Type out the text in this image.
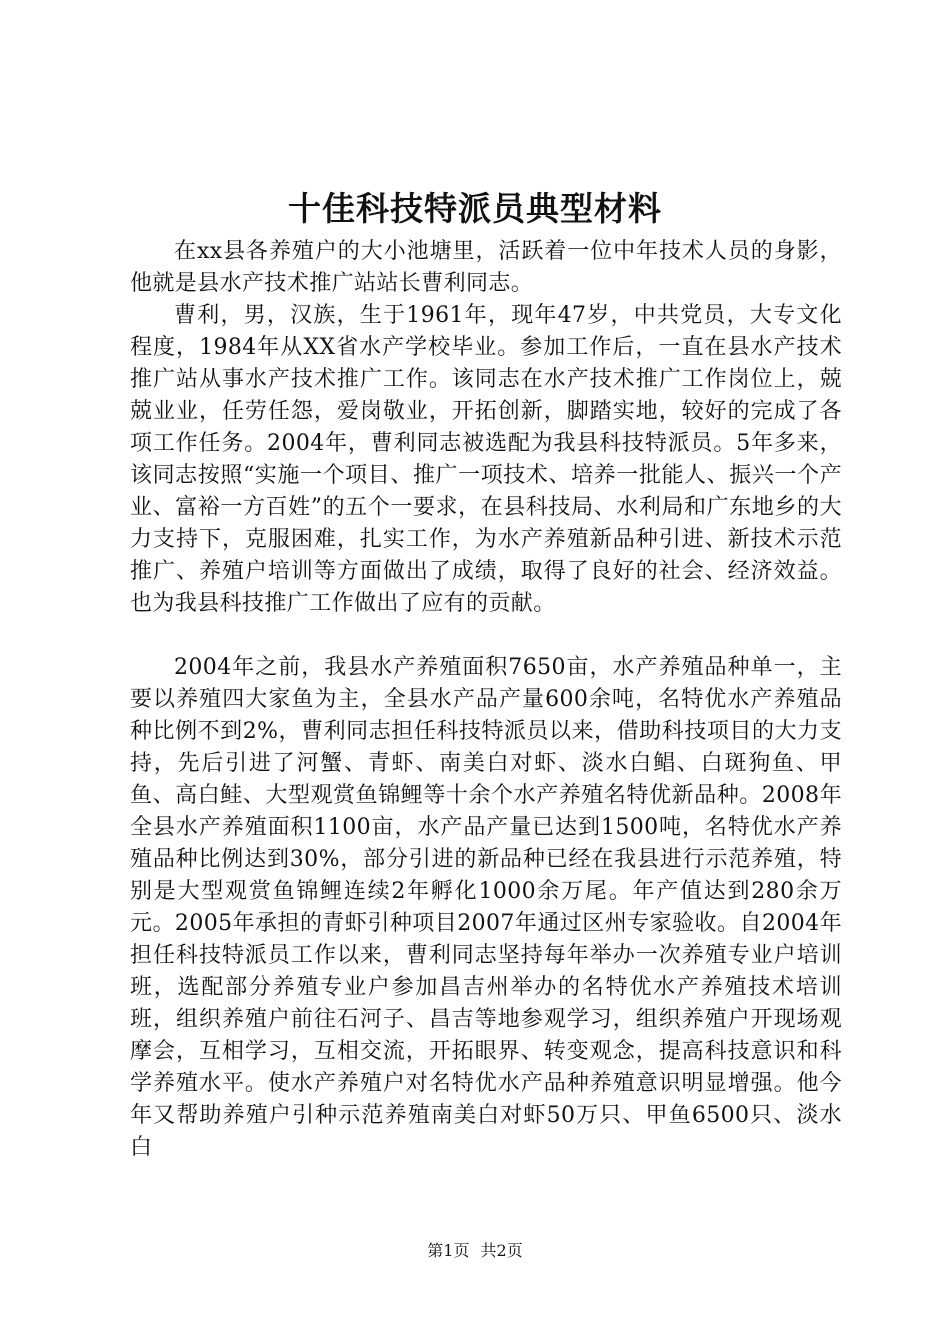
十佳科技特派员典型材料

在xx县各养殖户的大小池塘里，活跃着一位中年技术人员的身影，他就是县水产技术推广站站长曹利同志。

曹利，男，汉族，生于1961年，现年47岁，中共党员，大专文化程度，1984年从XX省水产学校毕业。参加工作后，一直在县水产技术推广站从事水产技术推广工作。该同志在水产技术推广工作岗位上，兢兢业业，任劳任怨，爱岗敬业，开拓创新，脚踏实地，较好的完成了各项工作任务。2004年，曹利同志被选配为我县科技特派员。5年多来，该同志按照“实施一个项目、推广一项技术、培养一批能人、振兴一个产业、富裕一方百姓”的五个一要求，在县科技局、水利局和广东地乡的大力支持下，克服困难，扎实工作，为水产养殖新品种引进、新技术示范推广、养殖户培训等方面做出了成绩，取得了良好的社会、经济效益。也为我县科技推广工作做出了应有的贡献。

2004年之前，我县水产养殖面积7650亩，水产养殖品种单一，主要以养殖四大家鱼为主，全县水产品产量600余吨，名特优水产养殖品种比例不到2%，曹利同志担任科技特派员以来，借助科技项目的大力支持，先后引进了河蟹、青虾、南美白对虾、淡水白鲳、白斑狗鱼、甲鱼、高白鲑、大型观赏鱼锦鲤等十余个水产养殖名特优新品种。2008年全县水产养殖面积1100亩，水产品产量已达到1500吨，名特优水产养殖品种比例达到30%，部分引进的新品种已经在我县进行示范养殖，特别是大型观赏鱼锦鲤连续2年孵化1000余万尾。年产值达到280余万元。2005年承担的青虾引种项目2007年通过区州专家验收。自2004年担任科技特派员工作以来，曹利同志坚持每年举办一次养殖专业户培训班，选配部分养殖专业户参加昌吉州举办的名特优水产养殖技术培训班，组织养殖户前往石河子、昌吉等地参观学习，组织养殖户开现场观摩会，互相学习，互相交流，开拓眼界、转变观念，提高科技意识和科学养殖水平。使水产养殖户对名特优水产品种养殖意识明显增强。他今年又帮助养殖户引种示范养殖南美白对虾50万只、甲鱼6500只、淡水白

第1页 共2页
